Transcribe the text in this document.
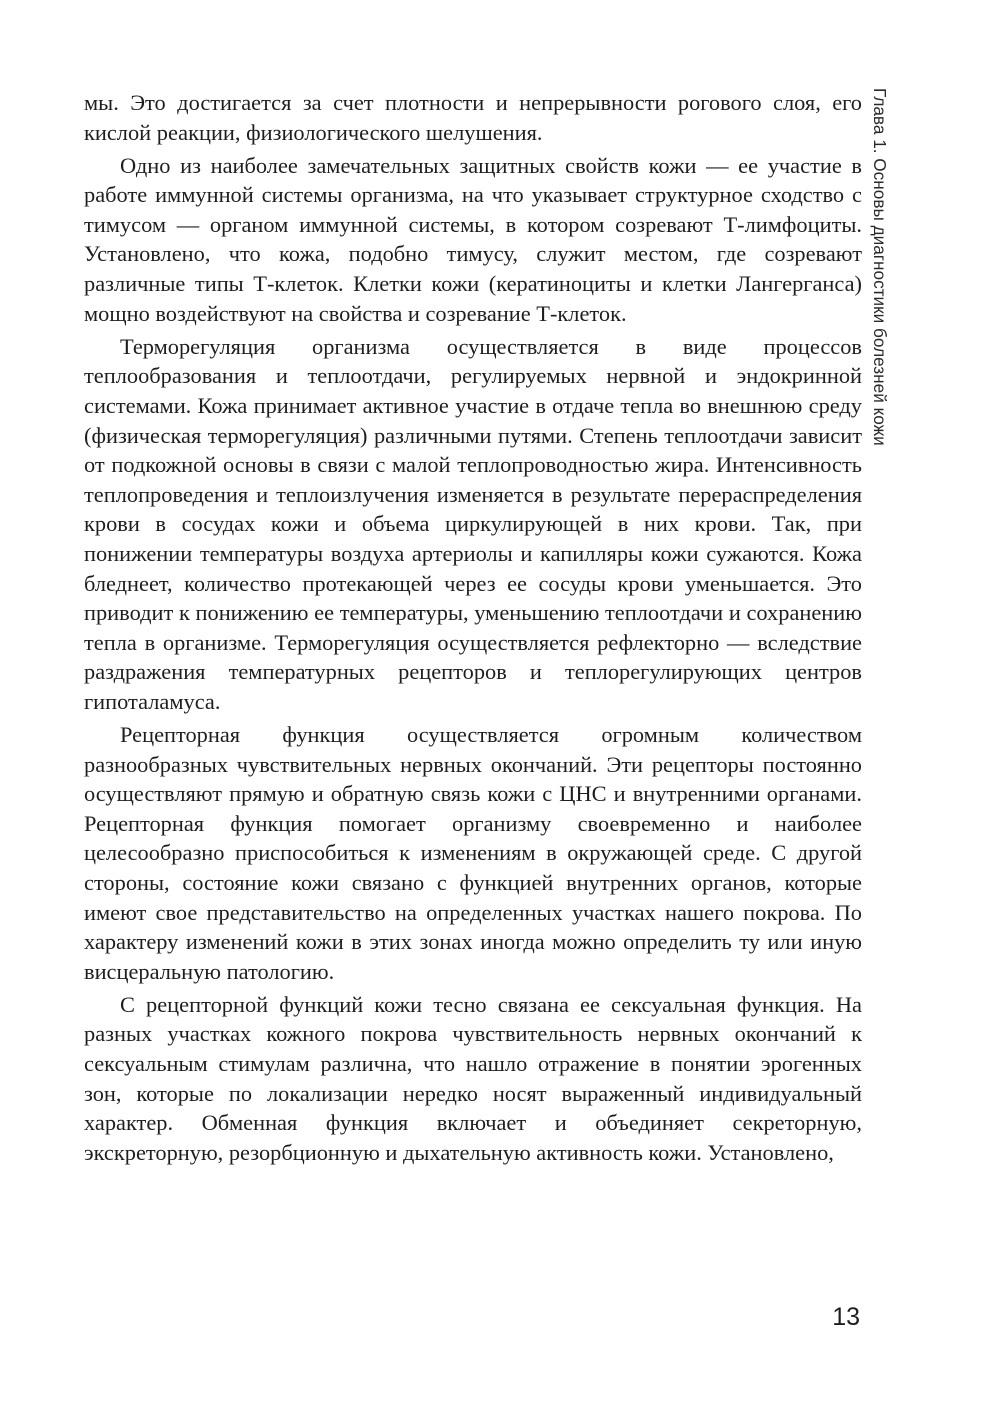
мы. Это достигается за счет плотности и непрерывности рогового слоя, его кислой реакции, физиологического шелушения.

Одно из наиболее замечательных защитных свойств кожи — ее участие в работе иммунной системы организма, на что указывает структурное сходство с тимусом — органом иммунной системы, в котором созревают Т-лимфоциты. Установлено, что кожа, подобно тимусу, служит местом, где созревают различные типы Т-клеток. Клетки кожи (кератиноциты и клетки Лангерганса) мощно воздействуют на свойства и созревание Т-клеток.

Терморегуляция организма осуществляется в виде процессов теплообразования и теплоотдачи, регулируемых нервной и эндокринной системами. Кожа принимает активное участие в отдаче тепла во внешнюю среду (физическая терморегуляция) различными путями. Степень теплоотдачи зависит от подкожной основы в связи с малой теплопроводностью жира. Интенсивность теплопроведения и теплоизлучения изменяется в результате перераспределения крови в сосудах кожи и объема циркулирующей в них крови. Так, при понижении температуры воздуха артериолы и капилляры кожи сужаются. Кожа бледнеет, количество протекающей через ее сосуды крови уменьшается. Это приводит к понижению ее температуры, уменьшению теплоотдачи и сохранению тепла в организме. Терморегуляция осуществляется рефлекторно — вследствие раздражения температурных рецепторов и теплорегулирующих центров гипоталамуса.

Рецепторная функция осуществляется огромным количеством разнообразных чувствительных нервных окончаний. Эти рецепторы постоянно осуществляют прямую и обратную связь кожи с ЦНС и внутренними органами. Рецепторная функция помогает организму своевременно и наиболее целесообразно приспособиться к изменениям в окружающей среде. С другой стороны, состояние кожи связано с функцией внутренних органов, которые имеют свое представительство на определенных участках нашего покрова. По характеру изменений кожи в этих зонах иногда можно определить ту или иную висцеральную патологию.

С рецепторной функций кожи тесно связана ее сексуальная функция. На разных участках кожного покрова чувствительность нервных окончаний к сексуальным стимулам различна, что нашло отражение в понятии эрогенных зон, которые по локализации нередко носят выраженный индивидуальный характер. Обменная функция включает и объединяет секреторную, экскреторную, резорбционную и дыхательную активность кожи. Установлено,

Глава 1. Основы диагностики болезней кожи
13
